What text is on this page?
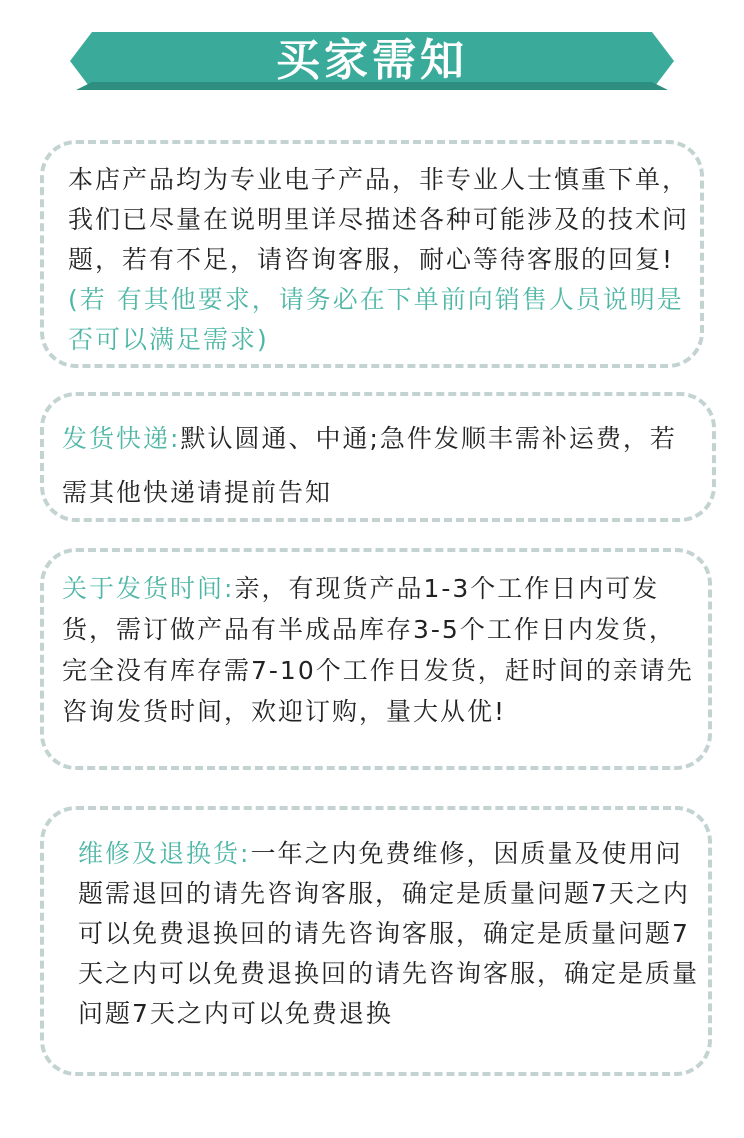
买家需知

本店产品均为专业电子产品，非专业人士慎重下单，我们已尽量在说明里详尽描述各种可能涉及的技术问题，若有不足，请咨询客服，耐心等待客服的回复!(若 有其他要求，请务必在下单前向销售人员说明是否可以满足需求)

发货快递:默认圆通、中通;急件发顺丰需补运费，若需其他快递请提前告知

关于发货时间:亲，有现货产品1-3个工作日内可发货，需订做产品有半成品库存3-5个工作日内发货，完全没有库存需7-10个工作日发货，赶时间的亲请先咨询发货时间，欢迎订购，量大从优!

维修及退换货:一年之内免费维修，因质量及使用问题需退回的请先咨询客服，确定是质量问题7天之内可以免费退换回的请先咨询客服，确定是质量问题7天之内可以免费退换回的请先咨询客服，确定是质量问题7天之内可以免费退换
